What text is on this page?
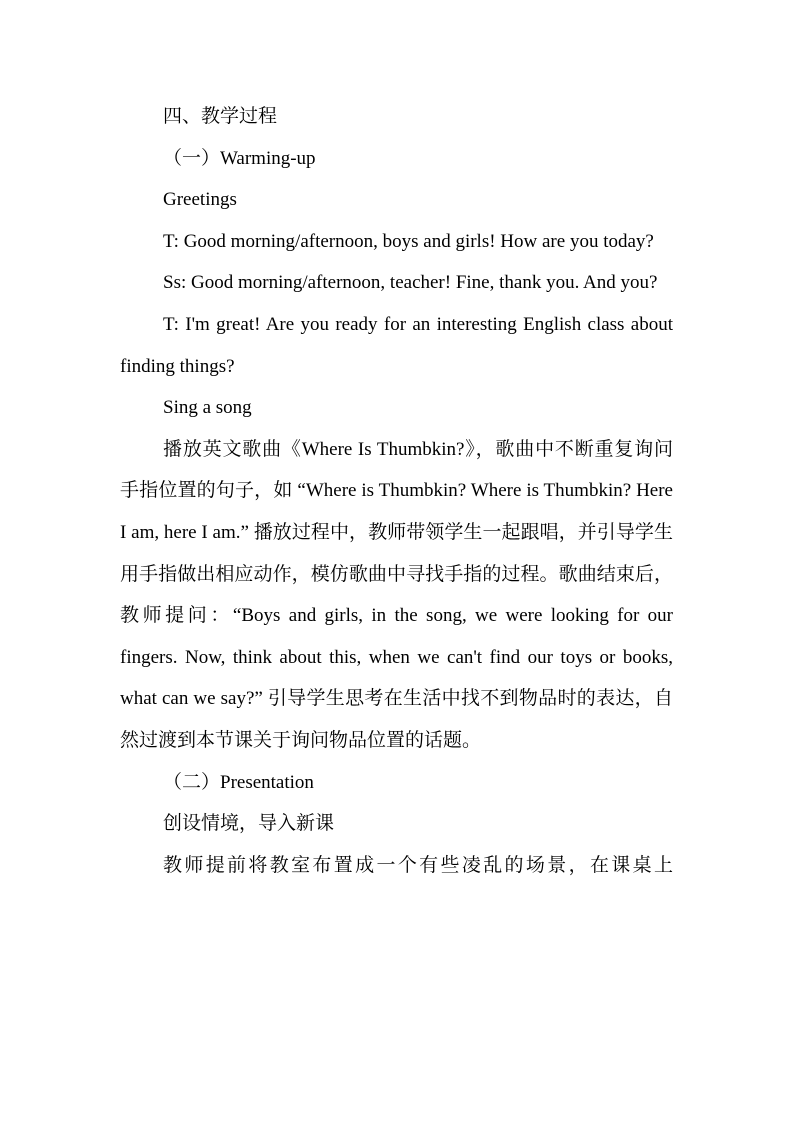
四、教学过程

（一）Warming-up

Greetings

T: Good morning/afternoon, boys and girls! How are you today?

Ss: Good morning/afternoon, teacher! Fine, thank you. And you?

T: I'm great! Are you ready for an interesting English class about finding things?

Sing a song

播放英文歌曲《Where Is Thumbkin?》，歌曲中不断重复询问手指位置的句子，如 “Where is Thumbkin? Where is Thumbkin? Here I am, here I am.” 播放过程中，教师带领学生一起跟唱，并引导学生用手指做出相应动作，模仿歌曲中寻找手指的过程。歌曲结束后，教师提问：“Boys and girls, in the song, we were looking for our fingers. Now, think about this, when we can't find our toys or books, what can we say?” 引导学生思考在生活中找不到物品时的表达，自然过渡到本节课关于询问物品位置的话题。

（二）Presentation

创设情境，导入新课

教师提前将教室布置成一个有些凌乱的场景，在课桌上
